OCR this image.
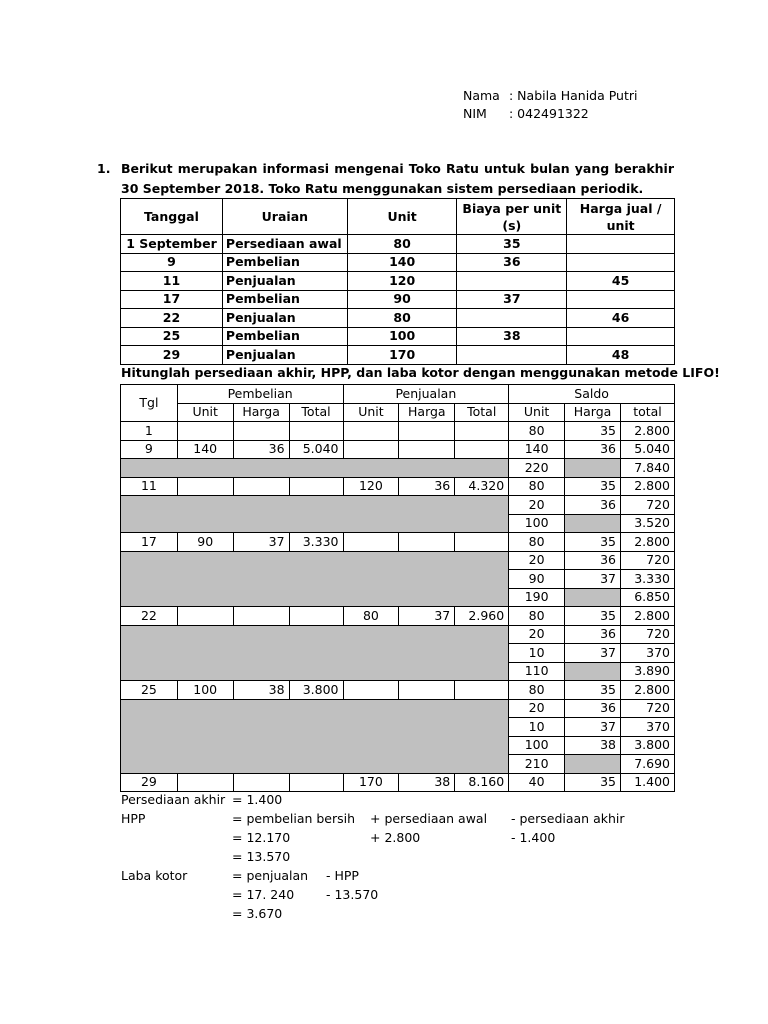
Nama : Nabila Hanida Putri
NIM : 042491322
1. Berikut merupakan informasi mengenai Toko Ratu untuk bulan yang berakhir 30 September 2018. Toko Ratu menggunakan sistem persediaan periodik.
Tanggal	Uraian	Unit	Biaya per unit (s)	Harga jual / unit
1 September	Persediaan awal	80	35	
9	Pembelian	140	36	
11	Penjualan	120		45
17	Pembelian	90	37	
22	Penjualan	80		46
25	Pembelian	100	38	
29	Penjualan	170		48
Hitunglah persediaan akhir, HPP, dan laba kotor dengan menggunakan metode LIFO!
Tgl	Pembelian			Penjualan			Saldo		
	Unit	Harga	Total	Unit	Harga	Total	Unit	Harga	total
1							80	35	2.800
9	140	36	5.040				140	36	5.040
							220		7.840
11				120	36	4.320	80	35	2.800
							20	36	720
							100		3.520
17	90	37	3.330				80	35	2.800
							20	36	720
							90	37	3.330
							190		6.850
22				80	37	2.960	80	35	2.800
							20	36	720
							10	37	370
							110		3.890
25	100	38	3.800				80	35	2.800
							20	36	720
							10	37	370
							100	38	3.800
							210		7.690
29				170	38	8.160	40	35	1.400
Persediaan akhir = 1.400
HPP	= pembelian bersih + persediaan awal - persediaan akhir
= 12.170	+ 2.800	- 1.400
= 13.570
Laba kotor	= penjualan - HPP
= 17. 240	- 13.570
= 3.670
